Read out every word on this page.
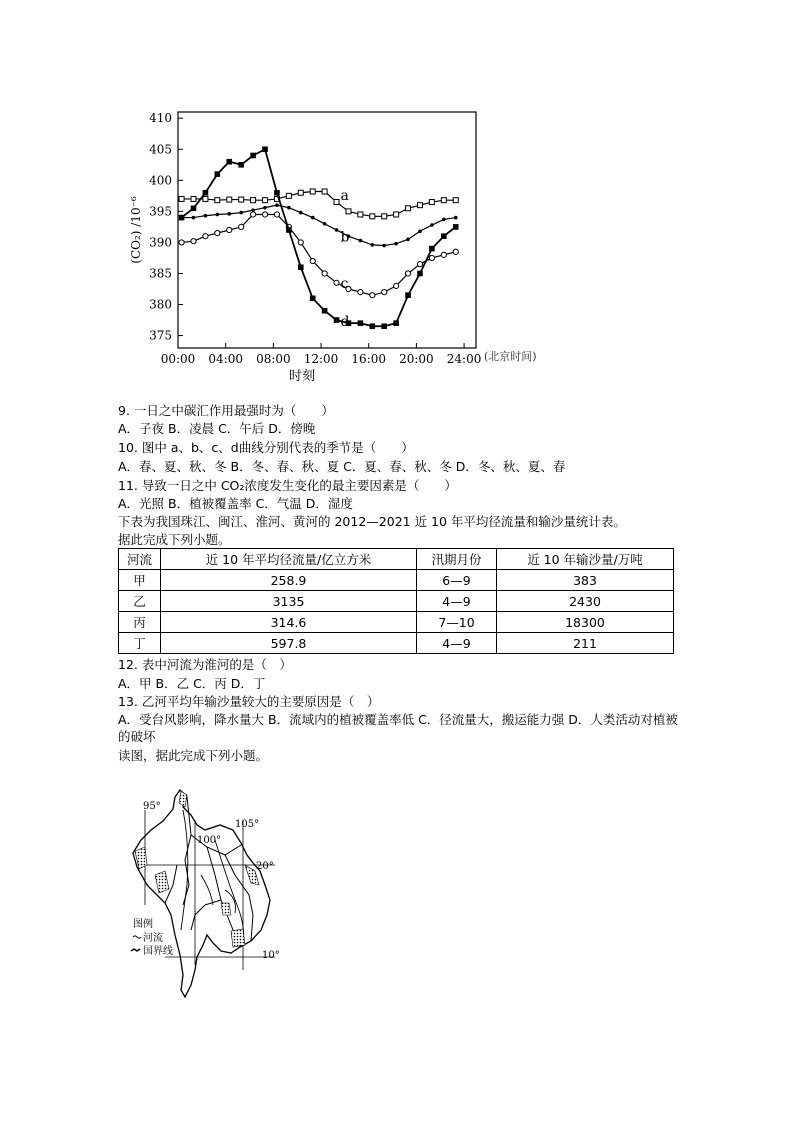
375
380
385
390
395
400
405
410
00:00 04:00 08:00 12:00 16:00 20:00 24:00 (北京时间)
时刻
(CO₂) /10⁻⁶
a
b
c
d
9. 一日之中碳汇作用最强时为（　　）
A．子夜 B．凌晨 C．午后 D．傍晚
10. 图中 a、b、c、d曲线分别代表的季节是（　　）
A．春、夏、秋、冬 B．冬、春、秋、夏 C．夏、春、秋、冬 D．冬、秋、夏、春
11. 导致一日之中 CO₂浓度发生变化的最主要因素是（　　）
A．光照 B．植被覆盖率 C．气温 D．湿度
下表为我国珠江、闽江、淮河、黄河的 2012—2021 近 10 年平均径流量和输沙量统计表。
据此完成下列小题。
河流	近 10 年平均径流量/亿立方米	汛期月份	近 10 年输沙量/万吨
甲	258.9	6—9	383
乙	3135	4—9	2430
丙	314.6	7—10	18300
丁	597.8	4—9	211
12. 表中河流为淮河的是（　）
A．甲 B．乙 C．丙 D．丁
13. 乙河平均年输沙量较大的主要原因是（　）
A．受台风影响，降水量大 B．流域内的植被覆盖率低 C．径流量大，搬运能力强 D．人类活动对植被的破坏
读图，据此完成下列小题。
95°
100°
105°
20°
10°
图例
河流
国界线
